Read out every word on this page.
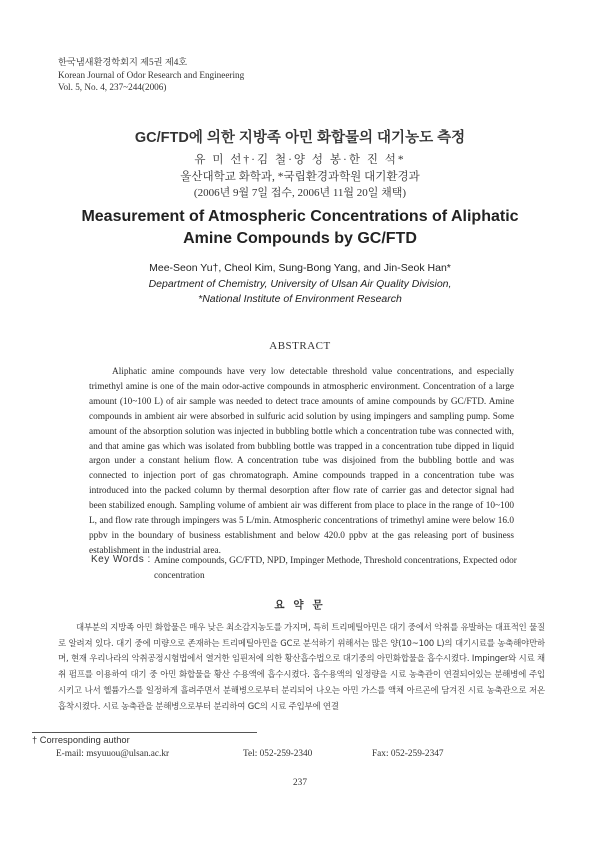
한국냄새환경학회지 제5권 제4호
Korean Journal of Odor Research and Engineering
Vol. 5, No. 4, 237~244(2006)
GC/FTD에 의한 지방족 아민 화합물의 대기농도 측정
유 미 선†·김 철·양 성 봉·한 진 석*
울산대학교 화학과, *국립환경과학원 대기환경과
(2006년 9월 7일 접수, 2006년 11월 20일 채택)
Measurement of Atmospheric Concentrations of Aliphatic Amine Compounds by GC/FTD
Mee-Seon Yu†, Cheol Kim, Sung-Bong Yang, and Jin-Seok Han*
Department of Chemistry, University of Ulsan Air Quality Division,
*National Institute of Environment Research
ABSTRACT
Aliphatic amine compounds have very low detectable threshold value concentrations, and especially trimethyl amine is one of the main odor-active compounds in atmospheric environment. Concentration of a large amount (10~100 L) of air sample was needed to detect trace amounts of amine compounds by GC/FTD. Amine compounds in ambient air were absorbed in sulfuric acid solution by using impingers and sampling pump. Some amount of the absorption solution was injected in bubbling bottle which a concentration tube was connected with, and that amine gas which was isolated from bubbling bottle was trapped in a concentration tube dipped in liquid argon under a constant helium flow. A concentration tube was disjoined from the bubbling bottle and was connected to injection port of gas chromatograph. Amine compounds trapped in a concentration tube was introduced into the packed column by thermal desorption after flow rate of carrier gas and detector signal had been stabilized enough. Sampling volume of ambient air was different from place to place in the range of 10~100 L, and flow rate through impingers was 5 L/min. Atmospheric concentrations of trimethyl amine were below 16.0 ppbv in the boundary of business establishment and below 420.0 ppbv at the gas releasing port of business establishment in the industrial area.
Key Words : Amine compounds, GC/FTD, NPD, Impinger Methode, Threshold concentrations, Expected odor concentration
요 약 문
대부분의 지방족 아민 화합물은 매우 낮은 최소감지농도를 가지며, 특히 트리메틸아민은 대기 중에서 악취를 유발하는 대표적인 물질로 알려져 있다. 대기 중에 미량으로 존재하는 트리메틸아민을 GC로 분석하기 위해서는 많은 양(10~100 L)의 대기시료를 농축해야만하며, 현재 우리나라의 악취공정시험법에서 열거한 임핀저에 의한 황산흡수법으로 대기중의 아민화합물을 흡수시켰다. Impinger와 시료 채취 펌프를 이용하여 대기 중 아민 화합물을 황산 수용액에 흡수시켰다. 흡수용액의 일정량을 시료 농축관이 연결되어있는 분해병에 주입시키고 나서 헬륨가스를 일정하게 흘려주면서 분해병으로부터 분리되어 나오는 아민 가스를 액체 아르곤에 담겨진 시료 농축관으로 저온 흡착시켰다. 시료 농축관을 분해병으로부터 분리하여 GC의 시료 주입부에 연결
† Corresponding author
E-mail: msyuuou@ulsan.ac.kr	Tel: 052-259-2340	Fax: 052-259-2347
237
